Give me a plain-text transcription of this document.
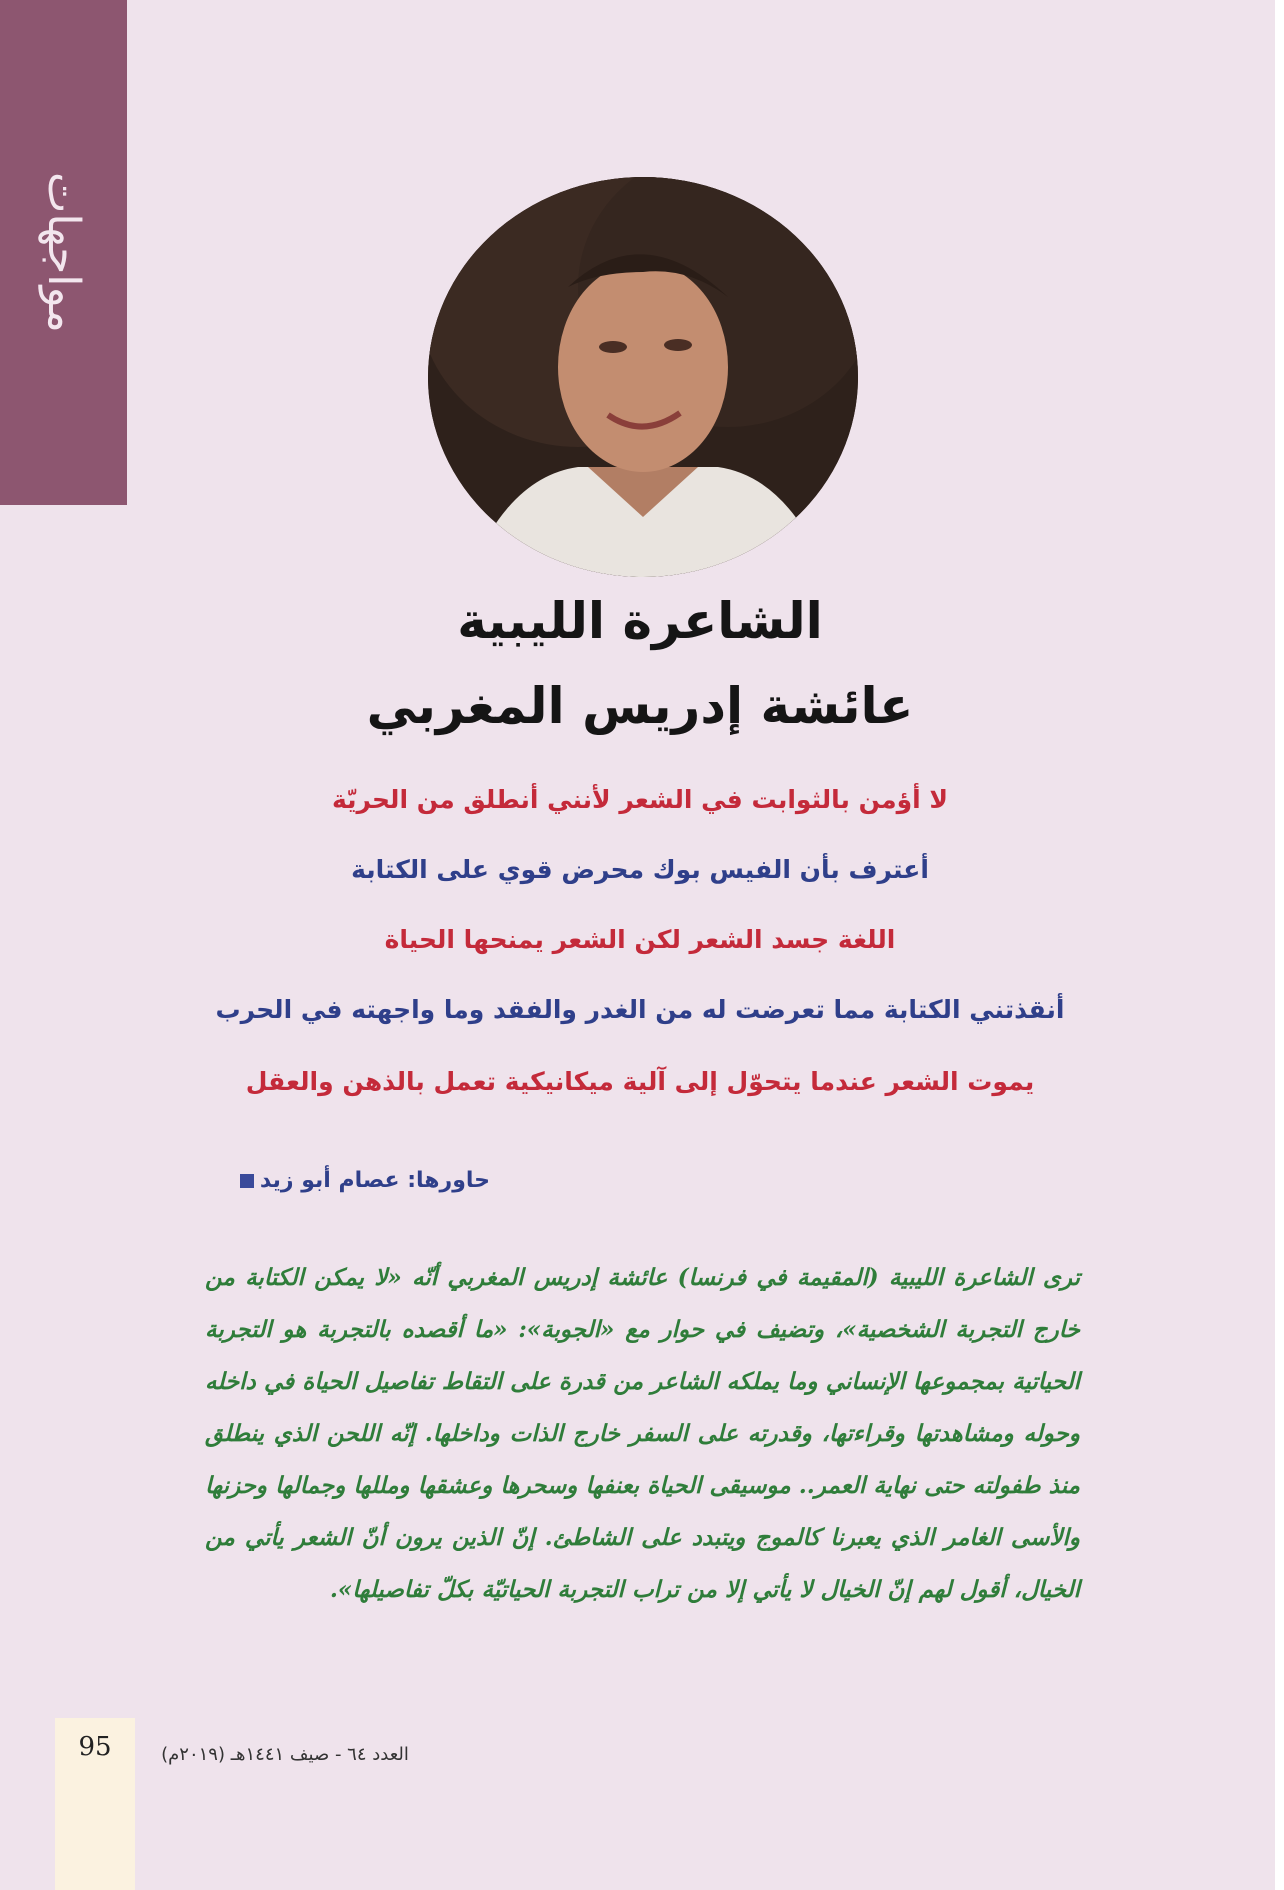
مواجهات
الشاعرة الليبية
عائشة إدريس المغربي
لا أؤمن بالثوابت في الشعر لأنني أنطلق من الحريّة
أعترف بأن الفيس بوك محرض قوي على الكتابة
اللغة جسد الشعر لكن الشعر يمنحها الحياة
أنقذتني الكتابة مما تعرضت له من الغدر والفقد وما واجهته في الحرب
يموت الشعر عندما يتحوّل إلى آلية ميكانيكية تعمل بالذهن والعقل
حاورها: عصام أبو زيد
ترى الشاعرة الليبية (المقيمة في فرنسا) عائشة إدريس المغربي أنّه «لا يمكن الكتابة من خارج التجربة الشخصية»، وتضيف في حوار مع «الجوبة»: «ما أقصده بالتجربة هو التجربة الحياتية بمجموعها الإنساني وما يملكه الشاعر من قدرة على التقاط تفاصيل الحياة في داخله وحوله ومشاهدتها وقراءتها، وقدرته على السفر خارج الذات وداخلها. إنّه اللحن الذي ينطلق منذ طفولته حتى نهاية العمر.. موسيقى الحياة بعنفها وسحرها وعشقها ومللها وجمالها وحزنها والأسى الغامر الذي يعبرنا كالموج ويتبدد على الشاطئ. إنّ الذين يرون أنّ الشعر يأتي من الخيال، أقول لهم إنّ الخيال لا يأتي إلا من تراب التجربة الحياتيّة بكلّ تفاصيلها».
95	العدد ٦٤ - صيف ١٤٤١هـ (٢٠١٩م)
